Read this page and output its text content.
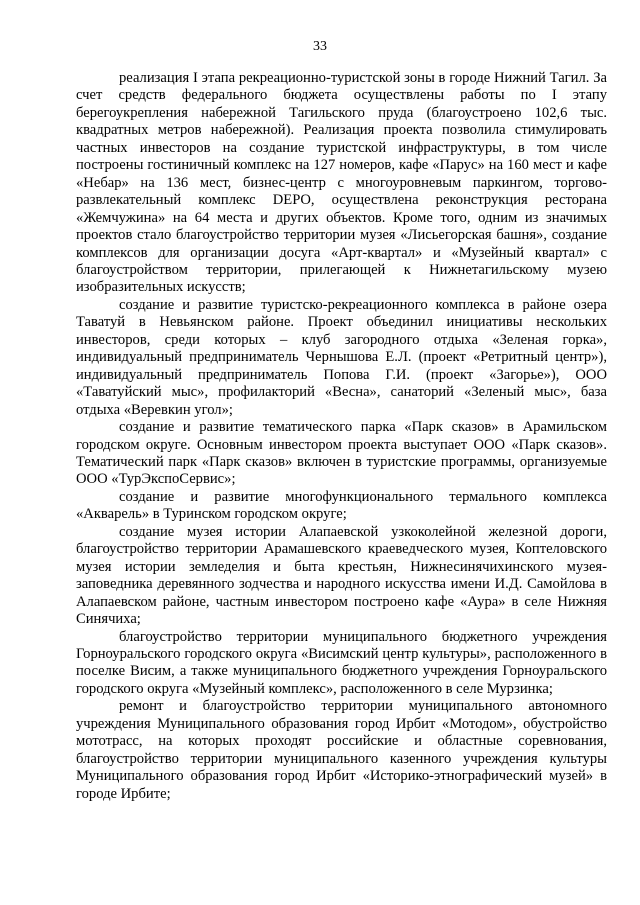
33

реализация I этапа рекреационно-туристской зоны в городе Нижний Тагил. За счет средств федерального бюджета осуществлены работы по I этапу берегоукрепления набережной Тагильского пруда (благоустроено 102,6 тыс. квадратных метров набережной). Реализация проекта позволила стимулировать частных инвесторов на создание туристской инфраструктуры, в том числе построены гостиничный комплекс на 127 номеров, кафе «Парус» на 160 мест и кафе «Небар» на 136 мест, бизнес-центр с многоуровневым паркингом, торгово-развлекательный комплекс DEPO, осуществлена реконструкция ресторана «Жемчужина» на 64 места и других объектов. Кроме того, одним из значимых проектов стало благоустройство территории музея «Лисьегорская башня», создание комплексов для организации досуга «Арт-квартал» и «Музейный квартал» с благоустройством территории, прилегающей к Нижнетагильскому музею изобразительных искусств;

создание и развитие туристско-рекреационного комплекса в районе озера Таватуй в Невьянском районе. Проект объединил инициативы нескольких инвесторов, среди которых – клуб загородного отдыха «Зеленая горка», индивидуальный предприниматель Чернышова Е.Л. (проект «Ретритный центр»), индивидуальный предприниматель Попова Г.И. (проект «Загорье»), ООО «Таватуйский мыс», профилакторий «Весна», санаторий «Зеленый мыс», база отдыха «Веревкин угол»;

создание и развитие тематического парка «Парк сказов» в Арамильском городском округе. Основным инвестором проекта выступает ООО «Парк сказов». Тематический парк «Парк сказов» включен в туристские программы, организуемые ООО «ТурЭкспоСервис»;

создание и развитие многофункционального термального комплекса «Акварель» в Туринском городском округе;

создание музея истории Алапаевской узкоколейной железной дороги, благоустройство территории Арамашевского краеведческого музея, Коптеловского музея истории земледелия и быта крестьян, Нижнесинячихинского музея-заповедника деревянного зодчества и народного искусства имени И.Д. Самойлова в Алапаевском районе, частным инвестором построено кафе «Аура» в селе Нижняя Синячиха;

благоустройство территории муниципального бюджетного учреждения Горноуральского городского округа «Висимский центр культуры», расположенного в поселке Висим, а также муниципального бюджетного учреждения Горноуральского городского округа «Музейный комплекс», расположенного в селе Мурзинка;

ремонт и благоустройство территории муниципального автономного учреждения Муниципального образования город Ирбит «Мотодом», обустройство мототрасс, на которых проходят российские и областные соревнования, благоустройство территории муниципального казенного учреждения культуры Муниципального образования город Ирбит «Историко-этнографический музей» в городе Ирбите;
